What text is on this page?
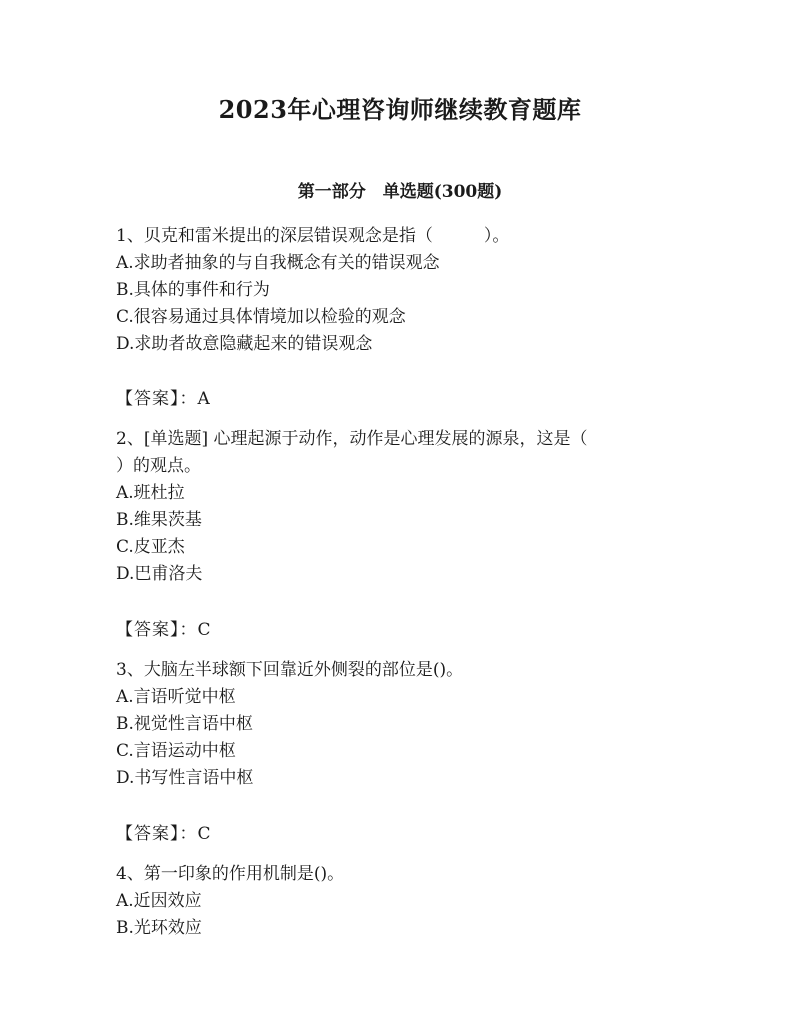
2023年心理咨询师继续教育题库
第一部分　单选题(300题)
1、贝克和雷米提出的深层错误观念是指（　　　）。
A.求助者抽象的与自我概念有关的错误观念
B.具体的事件和行为
C.很容易通过具体情境加以检验的观念
D.求助者故意隐藏起来的错误观念
【答案】：A
2、[单选题] 心理起源于动作，动作是心理发展的源泉，这是（
）的观点。
A.班杜拉
B.维果茨基
C.皮亚杰
D.巴甫洛夫
【答案】：C
3、大脑左半球额下回靠近外侧裂的部位是()。
A.言语听觉中枢
B.视觉性言语中枢
C.言语运动中枢
D.书写性言语中枢
【答案】：C
4、第一印象的作用机制是()。
A.近因效应
B.光环效应
